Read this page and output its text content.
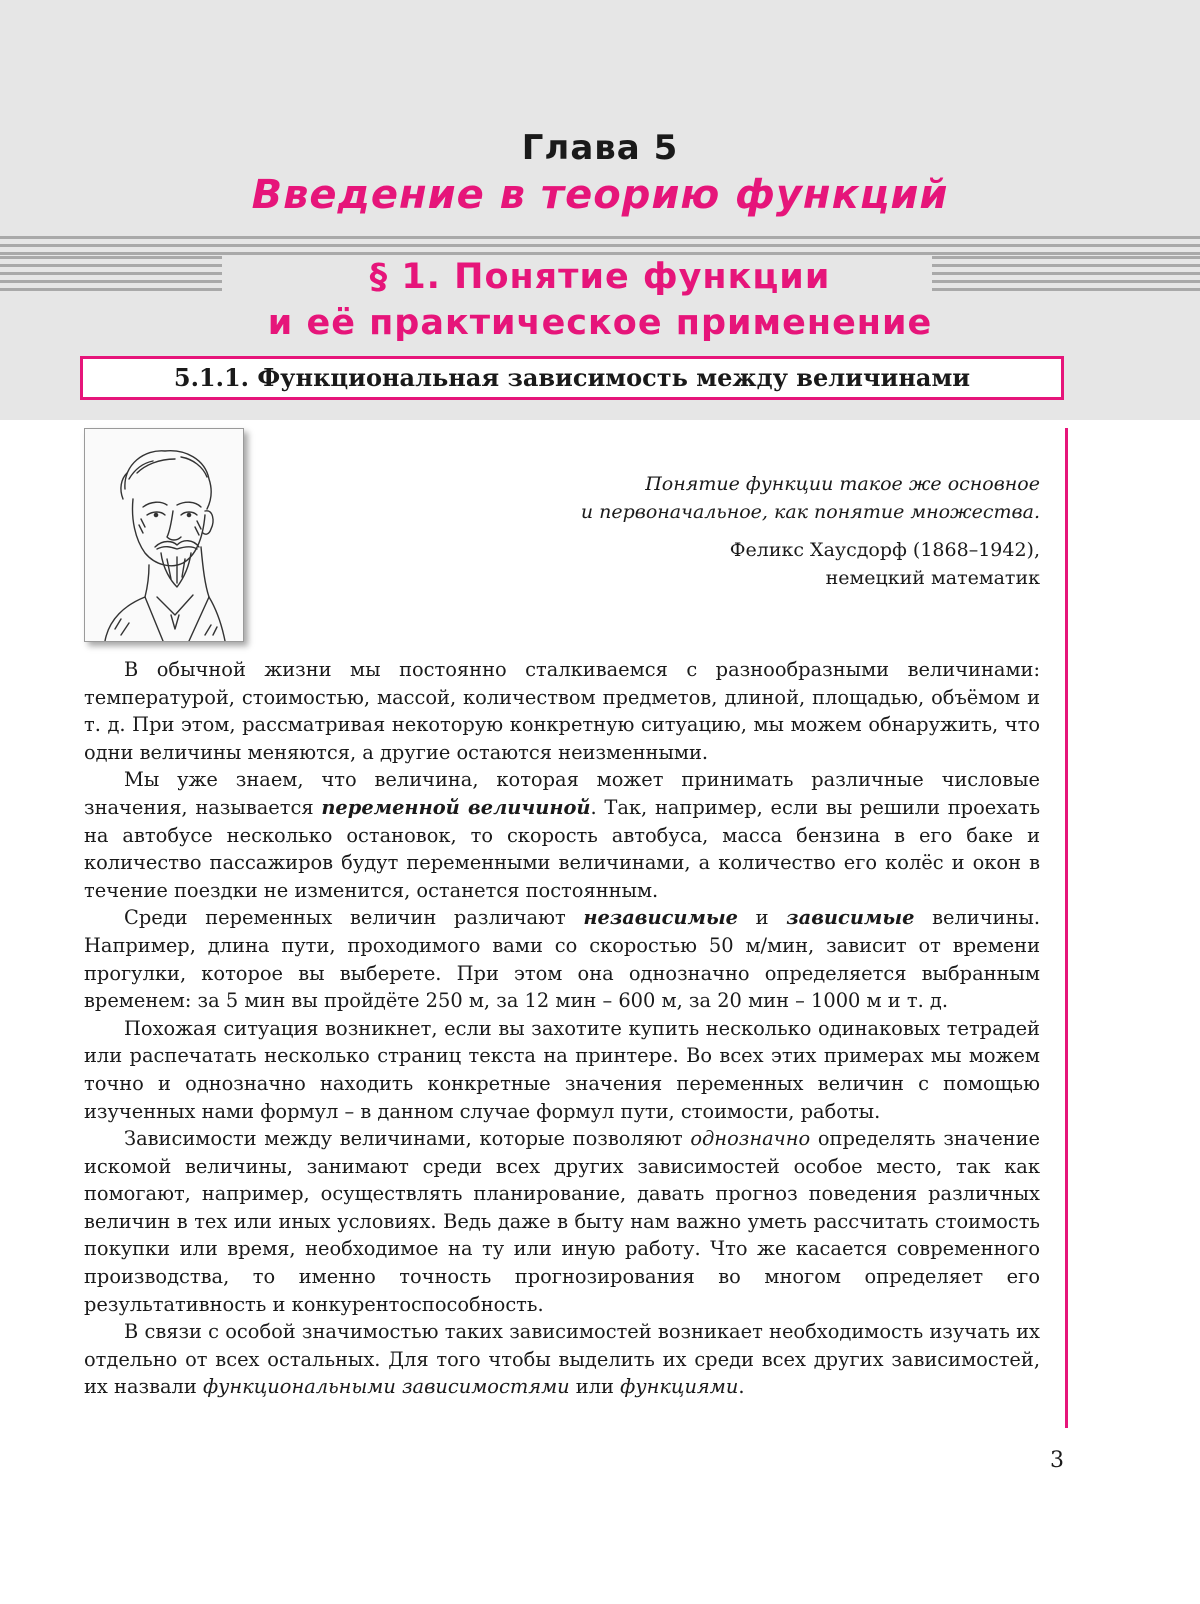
Глава 5
Введение в теорию функций
§ 1. Понятие функции
и её практическое применение
5.1.1. Функциональная зависимость между величинами
Понятие функции такое же основное
и первоначальное, как понятие множества.
Феликс Хаусдорф (1868–1942),
немецкий математик

В обычной жизни мы постоянно сталкиваемся с разнообразными величинами: температурой, стоимостью, массой, количеством предметов, длиной, площадью, объёмом и т. д. При этом, рассматривая некоторую конкретную ситуацию, мы можем обнаружить, что одни величины меняются, а другие остаются неизменными.

Мы уже знаем, что величина, которая может принимать различные числовые значения, называется переменной величиной. Так, например, если вы решили проехать на автобусе несколько остановок, то скорость автобуса, масса бензина в его баке и количество пассажиров будут переменными величинами, а количество его колёс и окон в течение поездки не изменится, останется постоянным.

Среди переменных величин различают независимые и зависимые величины. Например, длина пути, проходимого вами со скоростью 50 м/мин, зависит от времени прогулки, которое вы выберете. При этом она однозначно определяется выбранным временем: за 5 мин вы пройдёте 250 м, за 12 мин – 600 м, за 20 мин – 1000 м и т. д.

Похожая ситуация возникнет, если вы захотите купить несколько одинаковых тетрадей или распечатать несколько страниц текста на принтере. Во всех этих примерах мы можем точно и однозначно находить конкретные значения переменных величин с помощью изученных нами формул – в данном случае формул пути, стоимости, работы.

Зависимости между величинами, которые позволяют однозначно определять значение искомой величины, занимают среди всех других зависимостей особое место, так как помогают, например, осуществлять планирование, давать прогноз поведения различных величин в тех или иных условиях. Ведь даже в быту нам важно уметь рассчитать стоимость покупки или время, необходимое на ту или иную работу. Что же касается современного производства, то именно точность прогнозирования во многом определяет его результативность и конкурентоспособность.

В связи с особой значимостью таких зависимостей возникает необходимость изучать их отдельно от всех остальных. Для того чтобы выделить их среди всех других зависимостей, их назвали функциональными зависимостями или функциями.

3
